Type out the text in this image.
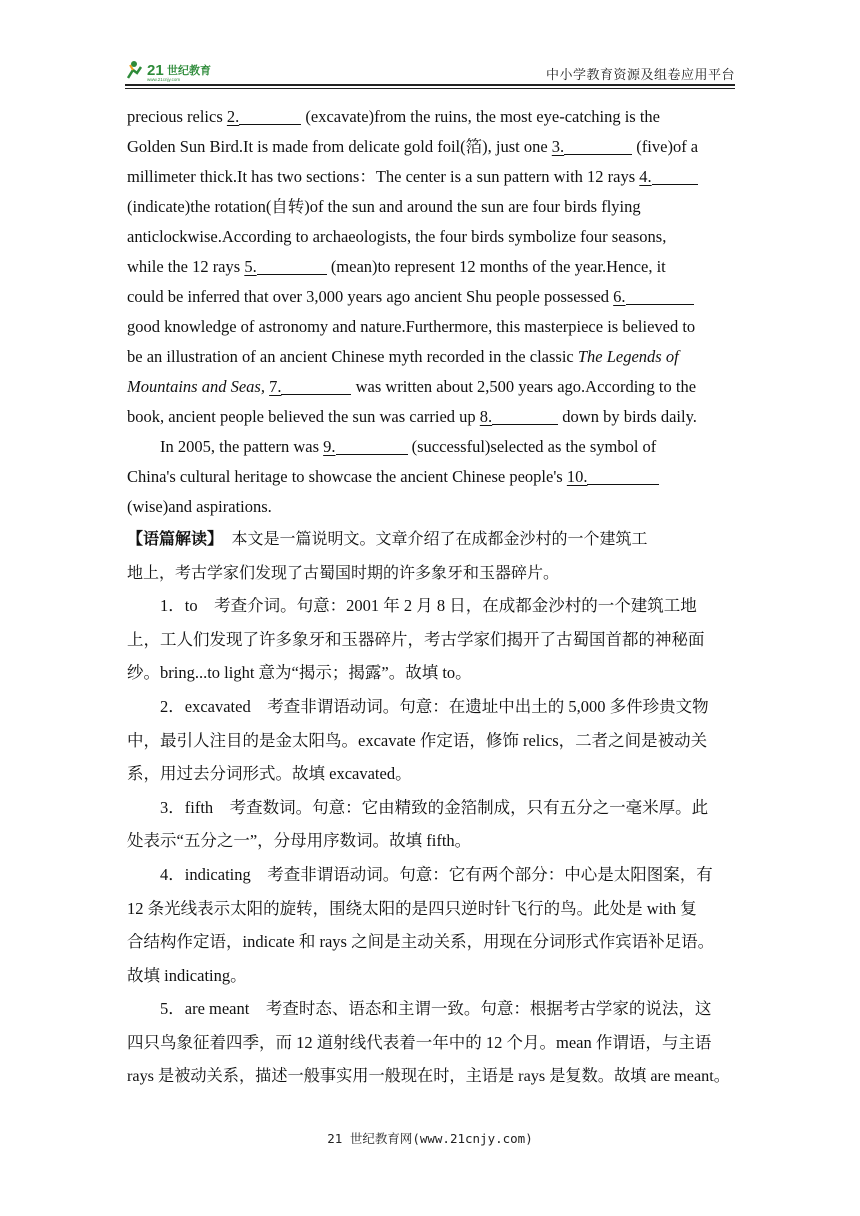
21 世纪教育
www.21cnjy.com	中小学教育资源及组卷应用平台
precious relics 2.	(excavate)from the ruins, the most eye-catching is the
Golden Sun Bird.It is made from delicate gold foil(箔), just one 3.	(five)of a
millimeter thick.It has two sections：The center is a sun pattern with 12 rays 4.
(indicate)the rotation(自转)of the sun and around the sun are four birds flying
anticlockwise.According to archaeologists, the four birds symbolize four seasons,
while the 12 rays 5.	(mean)to represent 12 months of the year.Hence, it
could be inferred that over 3,000 years ago ancient Shu people possessed 6.
good knowledge of astronomy and nature.Furthermore, this masterpiece is believed to
be an illustration of an ancient Chinese myth recorded in the classic The Legends of
Mountains and Seas, 7.	was written about 2,500 years ago.According to the
book, ancient people believed the sun was carried up 8.	down by birds daily.
In 2005, the pattern was 9.	(successful)selected as the symbol of
China's cultural heritage to showcase the ancient Chinese people's 10.
(wise)and aspirations.
【语篇解读】　 本文是一篇说明文。文章介绍了在成都金沙村的一个建筑工
地上，考古学家们发现了古蜀国时期的许多象牙和玉器碎片。
1．to　考查介词。句意：2001 年 2 月 8 日，在成都金沙村的一个建筑工地
上，工人们发现了许多象牙和玉器碎片，考古学家们揭开了古蜀国首都的神秘面
纱。bring...to light 意为“揭示；揭露”。故填 to。
2．excavated　考查非谓语动词。句意：在遗址中出土的 5,000 多件珍贵文物
中，最引人注目的是金太阳鸟。excavate 作定语，修饰 relics，二者之间是被动关
系，用过去分词形式。故填 excavated。
3．fifth　考查数词。句意：它由精致的金箔制成，只有五分之一毫米厚。此
处表示“五分之一”，分母用序数词。故填 fifth。
4．indicating　考查非谓语动词。句意：它有两个部分：中心是太阳图案，有
12 条光线表示太阳的旋转，围绕太阳的是四只逆时针飞行的鸟。此处是 with 复
合结构作定语，indicate 和 rays 之间是主动关系，用现在分词形式作宾语补足语。
故填 indicating。
5．are meant　考查时态、语态和主谓一致。句意：根据考古学家的说法，这
四只鸟象征着四季，而 12 道射线代表着一年中的 12 个月。mean 作谓语，与主语
rays 是被动关系，描述一般事实用一般现在时，主语是 rays 是复数。故填 are meant。
21 世纪教育网(www.21cnjy.com)
